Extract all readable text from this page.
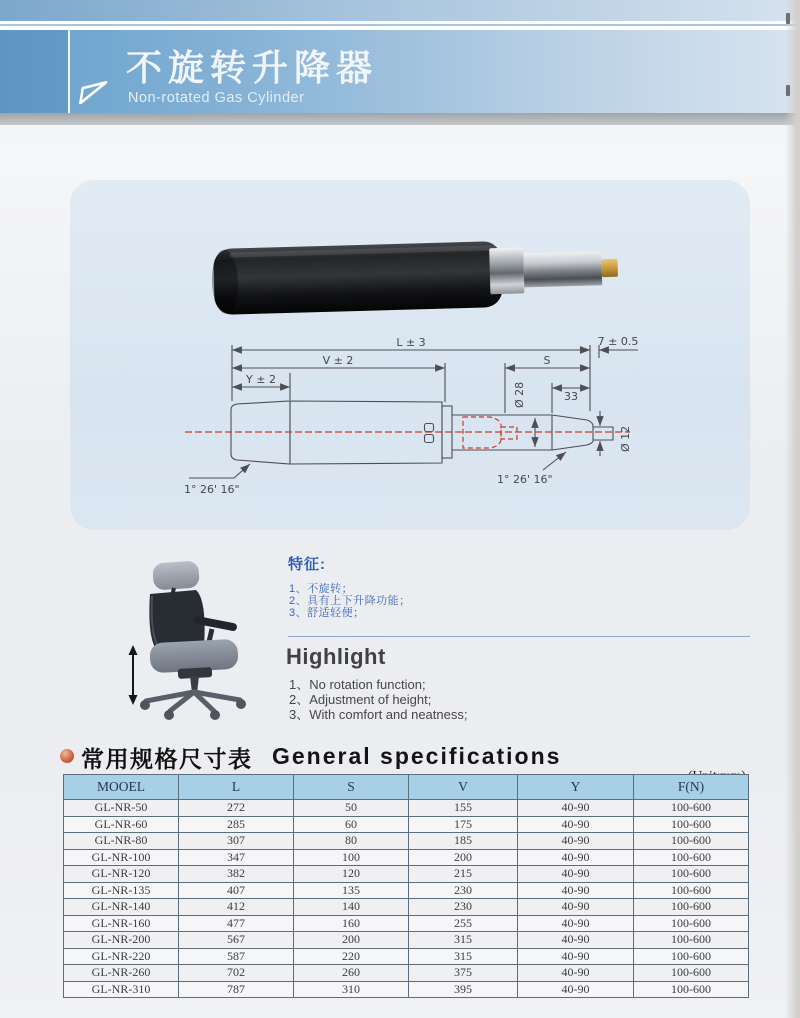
不旋转升降器
Non-rotated Gas Cylinder
L ± 3	7 ± 0.5
V ± 2
Y ± 2
S
33
Ø 28
Ø 12
1° 26' 16"
1° 26' 16"
特征:
1、不旋转；
2、具有上下升降功能；
3、舒适轻便；
Highlight
1、No rotation function;
2、Adjustment of height;
3、With comfort and neatness;
常用规格尺寸表 General specifications
MOOEL	L	S	V	Y	F(N)
GL-NR-50	272	50	155	40-90	100-600
GL-NR-60	285	60	175	40-90	100-600
GL-NR-80	307	80	185	40-90	100-600
GL-NR-100	347	100	200	40-90	100-600
GL-NR-120	382	120	215	40-90	100-600
GL-NR-135	407	135	230	40-90	100-600
GL-NR-140	412	140	230	40-90	100-600
GL-NR-160	477	160	255	40-90	100-600
GL-NR-200	567	200	315	40-90	100-600
GL-NR-220	587	220	315	40-90	100-600
GL-NR-260	702	260	375	40-90	100-600
GL-NR-310	787	310	395	40-90	100-600
